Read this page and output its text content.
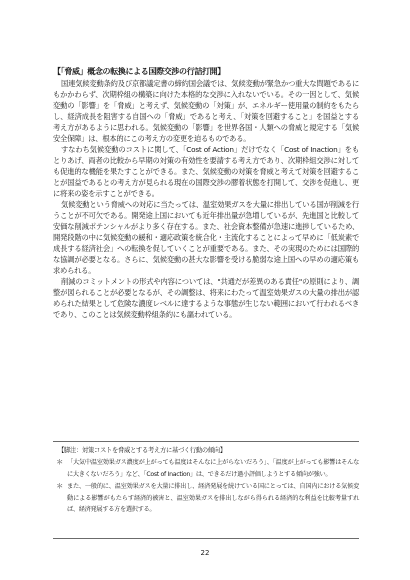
【「脅威」概念の転換による国際交渉の行詰打開】

国連気候変動条約及び京都議定書の締約国会議では、気候変動が緊急かつ重大な問題であるにもかかわらず、次期枠組の構築に向けた本格的な交渉に入れないでいる。その一因として、気候変動の「影響」を「脅威」と考えず、気候変動の「対策」が、エネルギー使用量の制約をもたらし、経済成長を阻害する自国への「脅威」であると考え、「対策を回避すること」を国益とする考え方があるように思われる。気候変動の「影響」を世界各国・人類への脅威と規定する「気候安全保障」は、根本的にこの考え方の変更を迫るものである。

すなわち気候変動のコストに関して、「Cost of Action」だけでなく「Cost of Inaction」をもとりあげ、両者の比較から早期の対策の有効性を要請する考え方であり、次期枠組交渉に対しても促進的な機能を果たすことができる。また、気候変動の対策を脅威と考えて対策を回避することが国益であるとの考え方が見られる現在の国際交渉の膠着状態を打開して、交渉を促進し、更に将来の姿を示すことができる。

気候変動という脅威への対応に当たっては、温室効果ガスを大量に排出している国が削減を行うことが不可欠である。開発途上国においても近年排出量が急増しているが、先進国と比較して安価な削減ポテンシャルがより多く存在する。また、社会資本整備が急速に進捗しているため、開発段階の中に気候変動の緩和・適応政策を統合化・主流化することによって早めに「低炭素で成長する経済社会」への転換を促していくことが重要である。また、その実現のためには国際的な協調が必要となる。さらに、気候変動の甚大な影響を受ける脆弱な途上国への早めの適応策も求められる。

削減のコミットメントの形式や内容については、"共通だが差異のある責任"の原則により、調整が図られることが必要となるが、その調整は、将来にわたって温室効果ガスの大量の排出が認められた結果として危険な濃度レベルに達するような事態が生じない範囲において行われるべきであり、このことは気候変動枠組条約にも謳われている。

【脚注：対策コストを脅威とする考え方に基づく行動の傾向】
＊ 「大気中温室効果ガス濃度が上がっても温度はそんなに上がらないだろう」、「温度が上がっても影響はそんなに大きくないだろう」など、「Cost of Inaction」は、できるだけ過小評価しようとする傾向が強い。
＊ また、一般的に、温室効果ガスを大量に排出し、経済発展を続けている国にとっては、自国内における気候変動による影響がもたらす経済的被害と、温室効果ガスを排出しながら得られる経済的な利益を比較考量すれば、経済発展する方を選択する。
22
